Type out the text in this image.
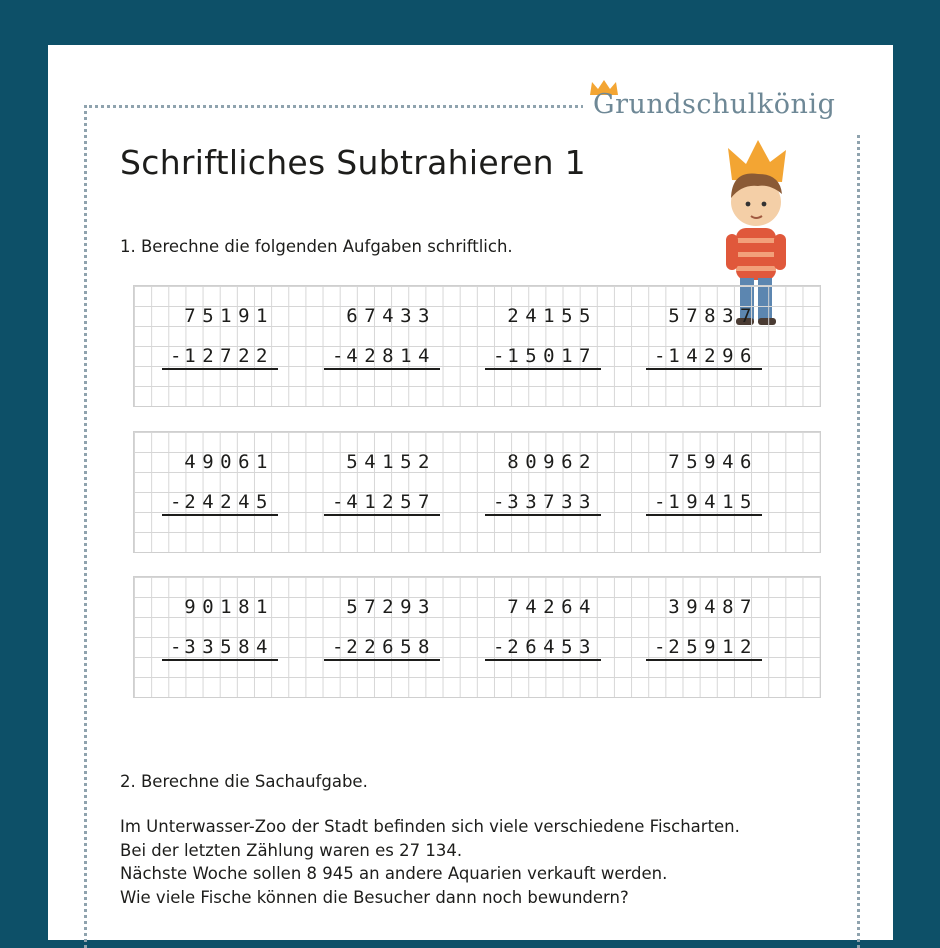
Grundschulkönig
Schriftliches Subtrahieren 1
1. Berechne die folgenden Aufgaben schriftlich.
75191
- 12722
67433
- 42814
24155
- 15017
57837
- 14296
49061
- 24245
54152
- 41257
80962
- 33733
75946
- 19415
90181
- 33584
57293
- 22658
74264
- 26453
39487
- 25912
2. Berechne die Sachaufgabe.

Im Unterwasser-Zoo der Stadt befinden sich viele verschiedene Fischarten.

Bei der letzten Zählung waren es 27 134.

Nächste Woche sollen 8 945 an andere Aquarien verkauft werden.

Wie viele Fische können die Besucher dann noch bewundern?
